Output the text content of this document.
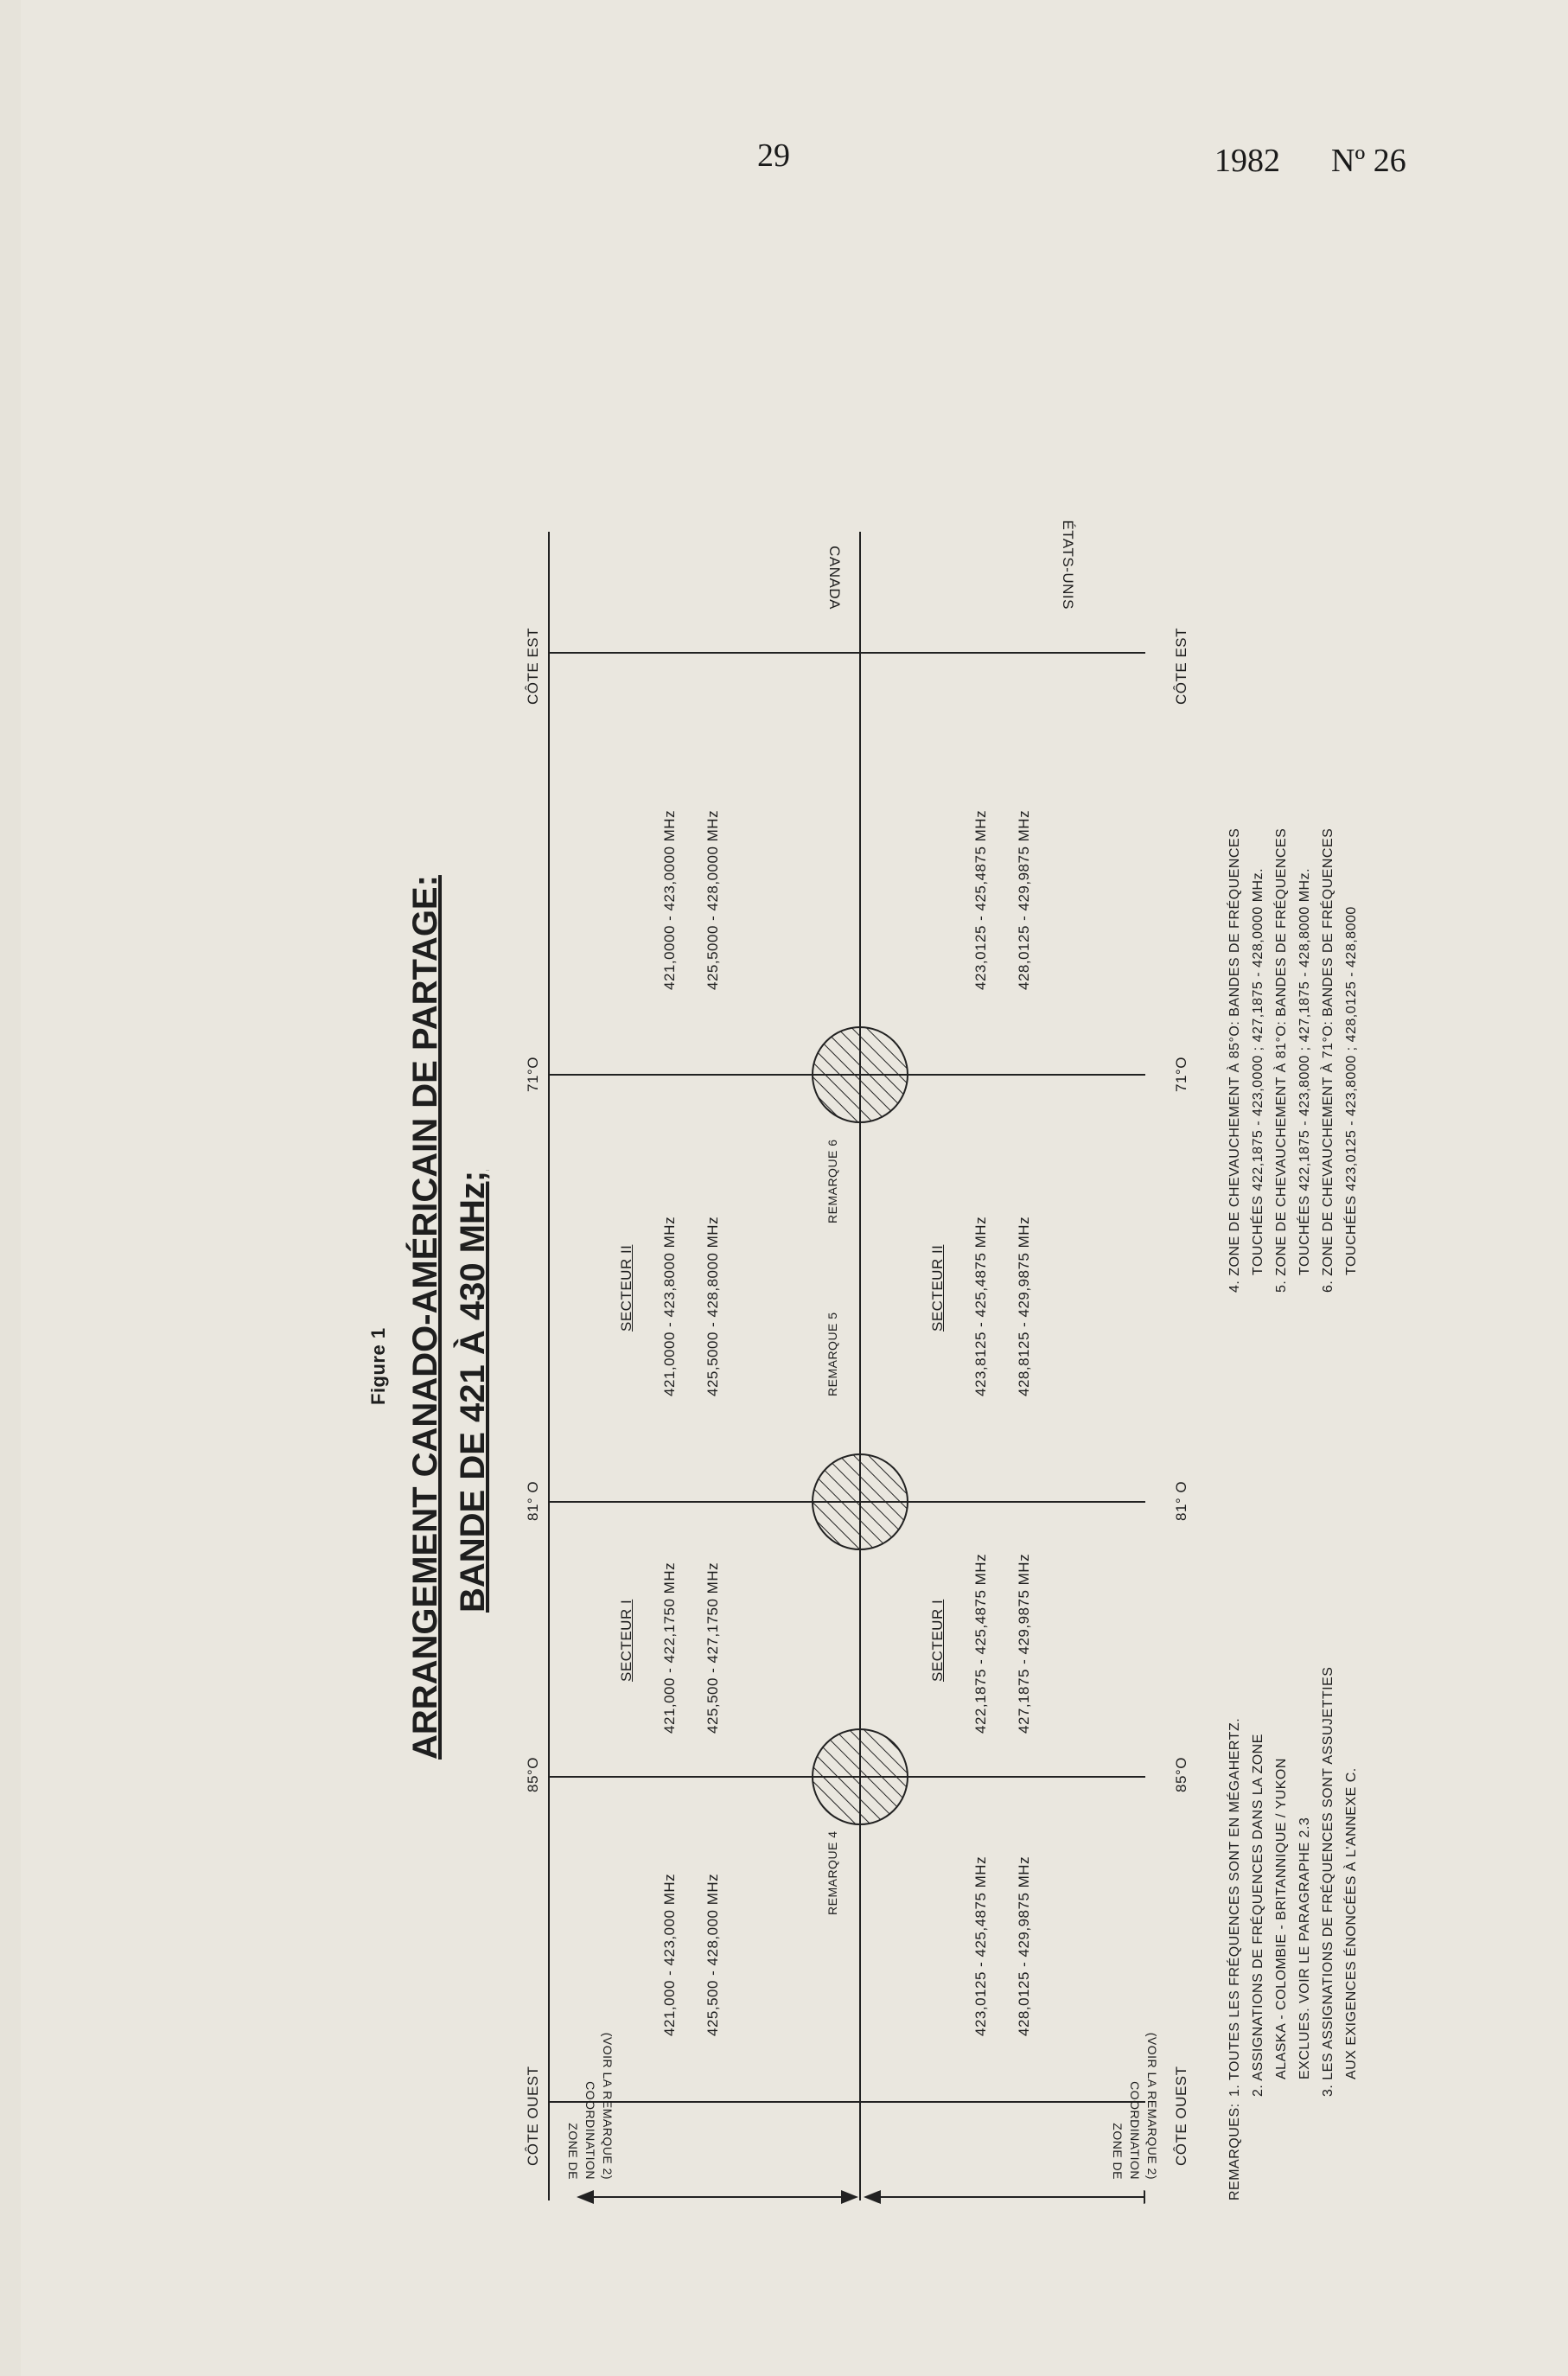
29	1982 Nº 26
Figure 1 ARRANGEMENT CANADO-AMÉRICAIN DE PARTAGE: BANDE DE 421 À 430 MHz;
CÔTE OUEST
85°O
81° O
71°O
CÔTE EST
CÔTE OUEST
85°O
81° O
71°O
CÔTE EST
ZONE DE COORDINATION (VOIR LA REMARQUE 2)	ZONE DE COORDINATION (VOIR LA REMARQUE 2)
CANADA	ÉTATS-UNIS
421,000 - 423,000 MHz 425,500 - 428,000 MHz
SECTEUR I 421,000 - 422,1750 MHz 425,500 - 427,1750 MHz
SECTEUR II 421,0000 - 423,8000 MHz 425,5000 - 428,8000 MHz
421,0000 - 423,0000 MHz 425,5000 - 428,0000 MHz
423,0125 - 425,4875 MHz 428,0125 - 429,9875 MHz
SECTEUR I 422,1875 - 425,4875 MHz 427,1875 - 429,9875 MHz
SECTEUR II 423,8125 - 425,4875 MHz 428,8125 - 429,9875 MHz
423,0125 - 425,4875 MHz 428,0125 - 429,9875 MHz
REMARQUE 4
REMARQUE 5
REMARQUE 6
REMARQUES:
1. TOUTES LES FRÉQUENCES SONT EN MÉGAHERTZ. 2. ASSIGNATIONS DE FRÉQUENCES DANS LA ZONE ALASKA - COLOMBIE - BRITANNIQUE / YUKON EXCLUES. VOIR LE PARAGRAPHE 2.3 3. LES ASSIGNATIONS DE FRÉQUENCES SONT ASSUJETTIES AUX EXIGENCES ÉNONCÉES À L'ANNEXE C.
4. ZONE DE CHEVAUCHEMENT À 85°O: BANDES DE FRÉQUENCES TOUCHÉES 422,1875 - 423,0000 ; 427,1875 - 428,0000 MHz. 5. ZONE DE CHEVAUCHEMENT À 81°O: BANDES DE FRÉQUENCES TOUCHÉES 422,1875 - 423,8000 ; 427,1875 - 428,8000 MHz. 6. ZONE DE CHEVAUCHEMENT À 71°O: BANDES DE FRÉQUENCES TOUCHÉES 423,0125 - 423,8000 ; 428,0125 - 428,8000
